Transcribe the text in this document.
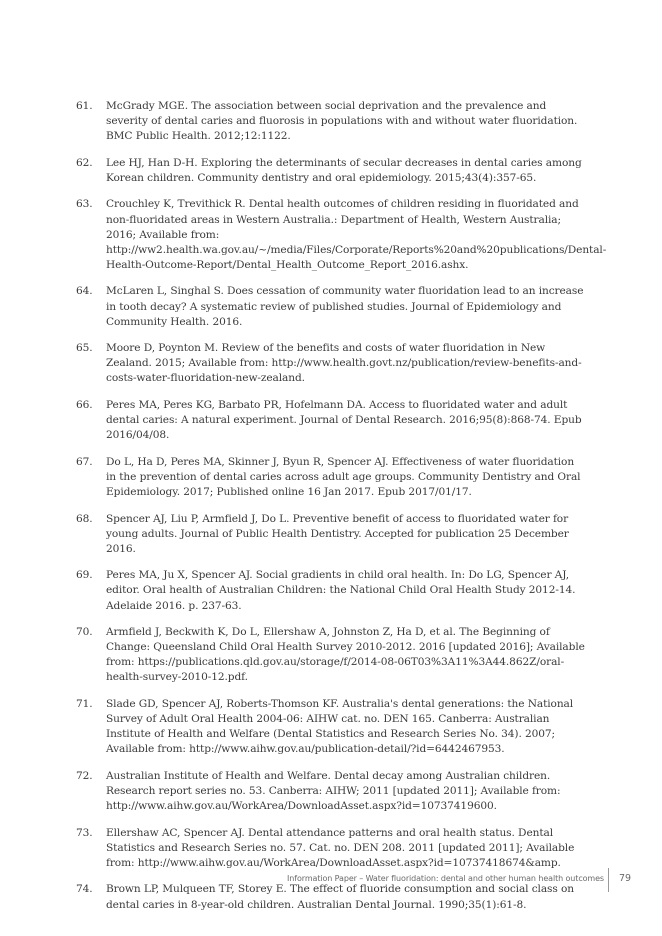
61.	McGrady MGE. The association between social deprivation and the prevalence and severity of dental caries and fluorosis in populations with and without water fluoridation. BMC Public Health. 2012;12:1122.
62.	Lee HJ, Han D-H. Exploring the determinants of secular decreases in dental caries among Korean children. Community dentistry and oral epidemiology. 2015;43(4):357-65.
63.	Crouchley K, Trevithick R. Dental health outcomes of children residing in fluoridated and non-fluoridated areas in Western Australia.: Department of Health, Western Australia; 2016; Available from: http://ww2.health.wa.gov.au/~/media/Files/Corporate/Reports%20and%20publications/Dental-Health-Outcome-Report/Dental_Health_Outcome_Report_2016.ashx.
64.	McLaren L, Singhal S. Does cessation of community water fluoridation lead to an increase in tooth decay? A systematic review of published studies. Journal of Epidemiology and Community Health. 2016.
65.	Moore D, Poynton M. Review of the benefits and costs of water fluoridation in New Zealand. 2015; Available from: http://www.health.govt.nz/publication/review-benefits-and-costs-water-fluoridation-new-zealand.
66.	Peres MA, Peres KG, Barbato PR, Hofelmann DA. Access to fluoridated water and adult dental caries: A natural experiment. Journal of Dental Research. 2016;95(8):868-74. Epub 2016/04/08.
67.	Do L, Ha D, Peres MA, Skinner J, Byun R, Spencer AJ. Effectiveness of water fluoridation in the prevention of dental caries across adult age groups. Community Dentistry and Oral Epidemiology. 2017; Published online 16 Jan 2017. Epub 2017/01/17.
68.	Spencer AJ, Liu P, Armfield J, Do L. Preventive benefit of access to fluoridated water for young adults. Journal of Public Health Dentistry. Accepted for publication 25 December 2016.
69.	Peres MA, Ju X, Spencer AJ. Social gradients in child oral health. In: Do LG, Spencer AJ, editor. Oral health of Australian Children: the National Child Oral Health Study 2012-14. Adelaide 2016. p. 237-63.
70.	Armfield J, Beckwith K, Do L, Ellershaw A, Johnston Z, Ha D, et al. The Beginning of Change: Queensland Child Oral Health Survey 2010-2012. 2016 [updated 2016]; Available from: https://publications.qld.gov.au/storage/f/2014-08-06T03%3A11%3A44.862Z/oral-health-survey-2010-12.pdf.
71.	Slade GD, Spencer AJ, Roberts-Thomson KF. Australia's dental generations: the National Survey of Adult Oral Health 2004-06: AIHW cat. no. DEN 165. Canberra: Australian Institute of Health and Welfare (Dental Statistics and Research Series No. 34). 2007; Available from: http://www.aihw.gov.au/publication-detail/?id=6442467953.
72.	Australian Institute of Health and Welfare. Dental decay among Australian children. Research report series no. 53. Canberra: AIHW; 2011 [updated 2011]; Available from: http://www.aihw.gov.au/WorkArea/DownloadAsset.aspx?id=10737419600.
73.	Ellershaw AC, Spencer AJ. Dental attendance patterns and oral health status. Dental Statistics and Research Series no. 57. Cat. no. DEN 208. 2011 [updated 2011]; Available from: http://www.aihw.gov.au/WorkArea/DownloadAsset.aspx?id=10737418674&amp.
74.	Brown LP, Mulqueen TF, Storey E. The effect of fluoride consumption and social class on dental caries in 8-year-old children. Australian Dental Journal. 1990;35(1):61-8.
Information Paper – Water fluoridation: dental and other human health outcomes 79
